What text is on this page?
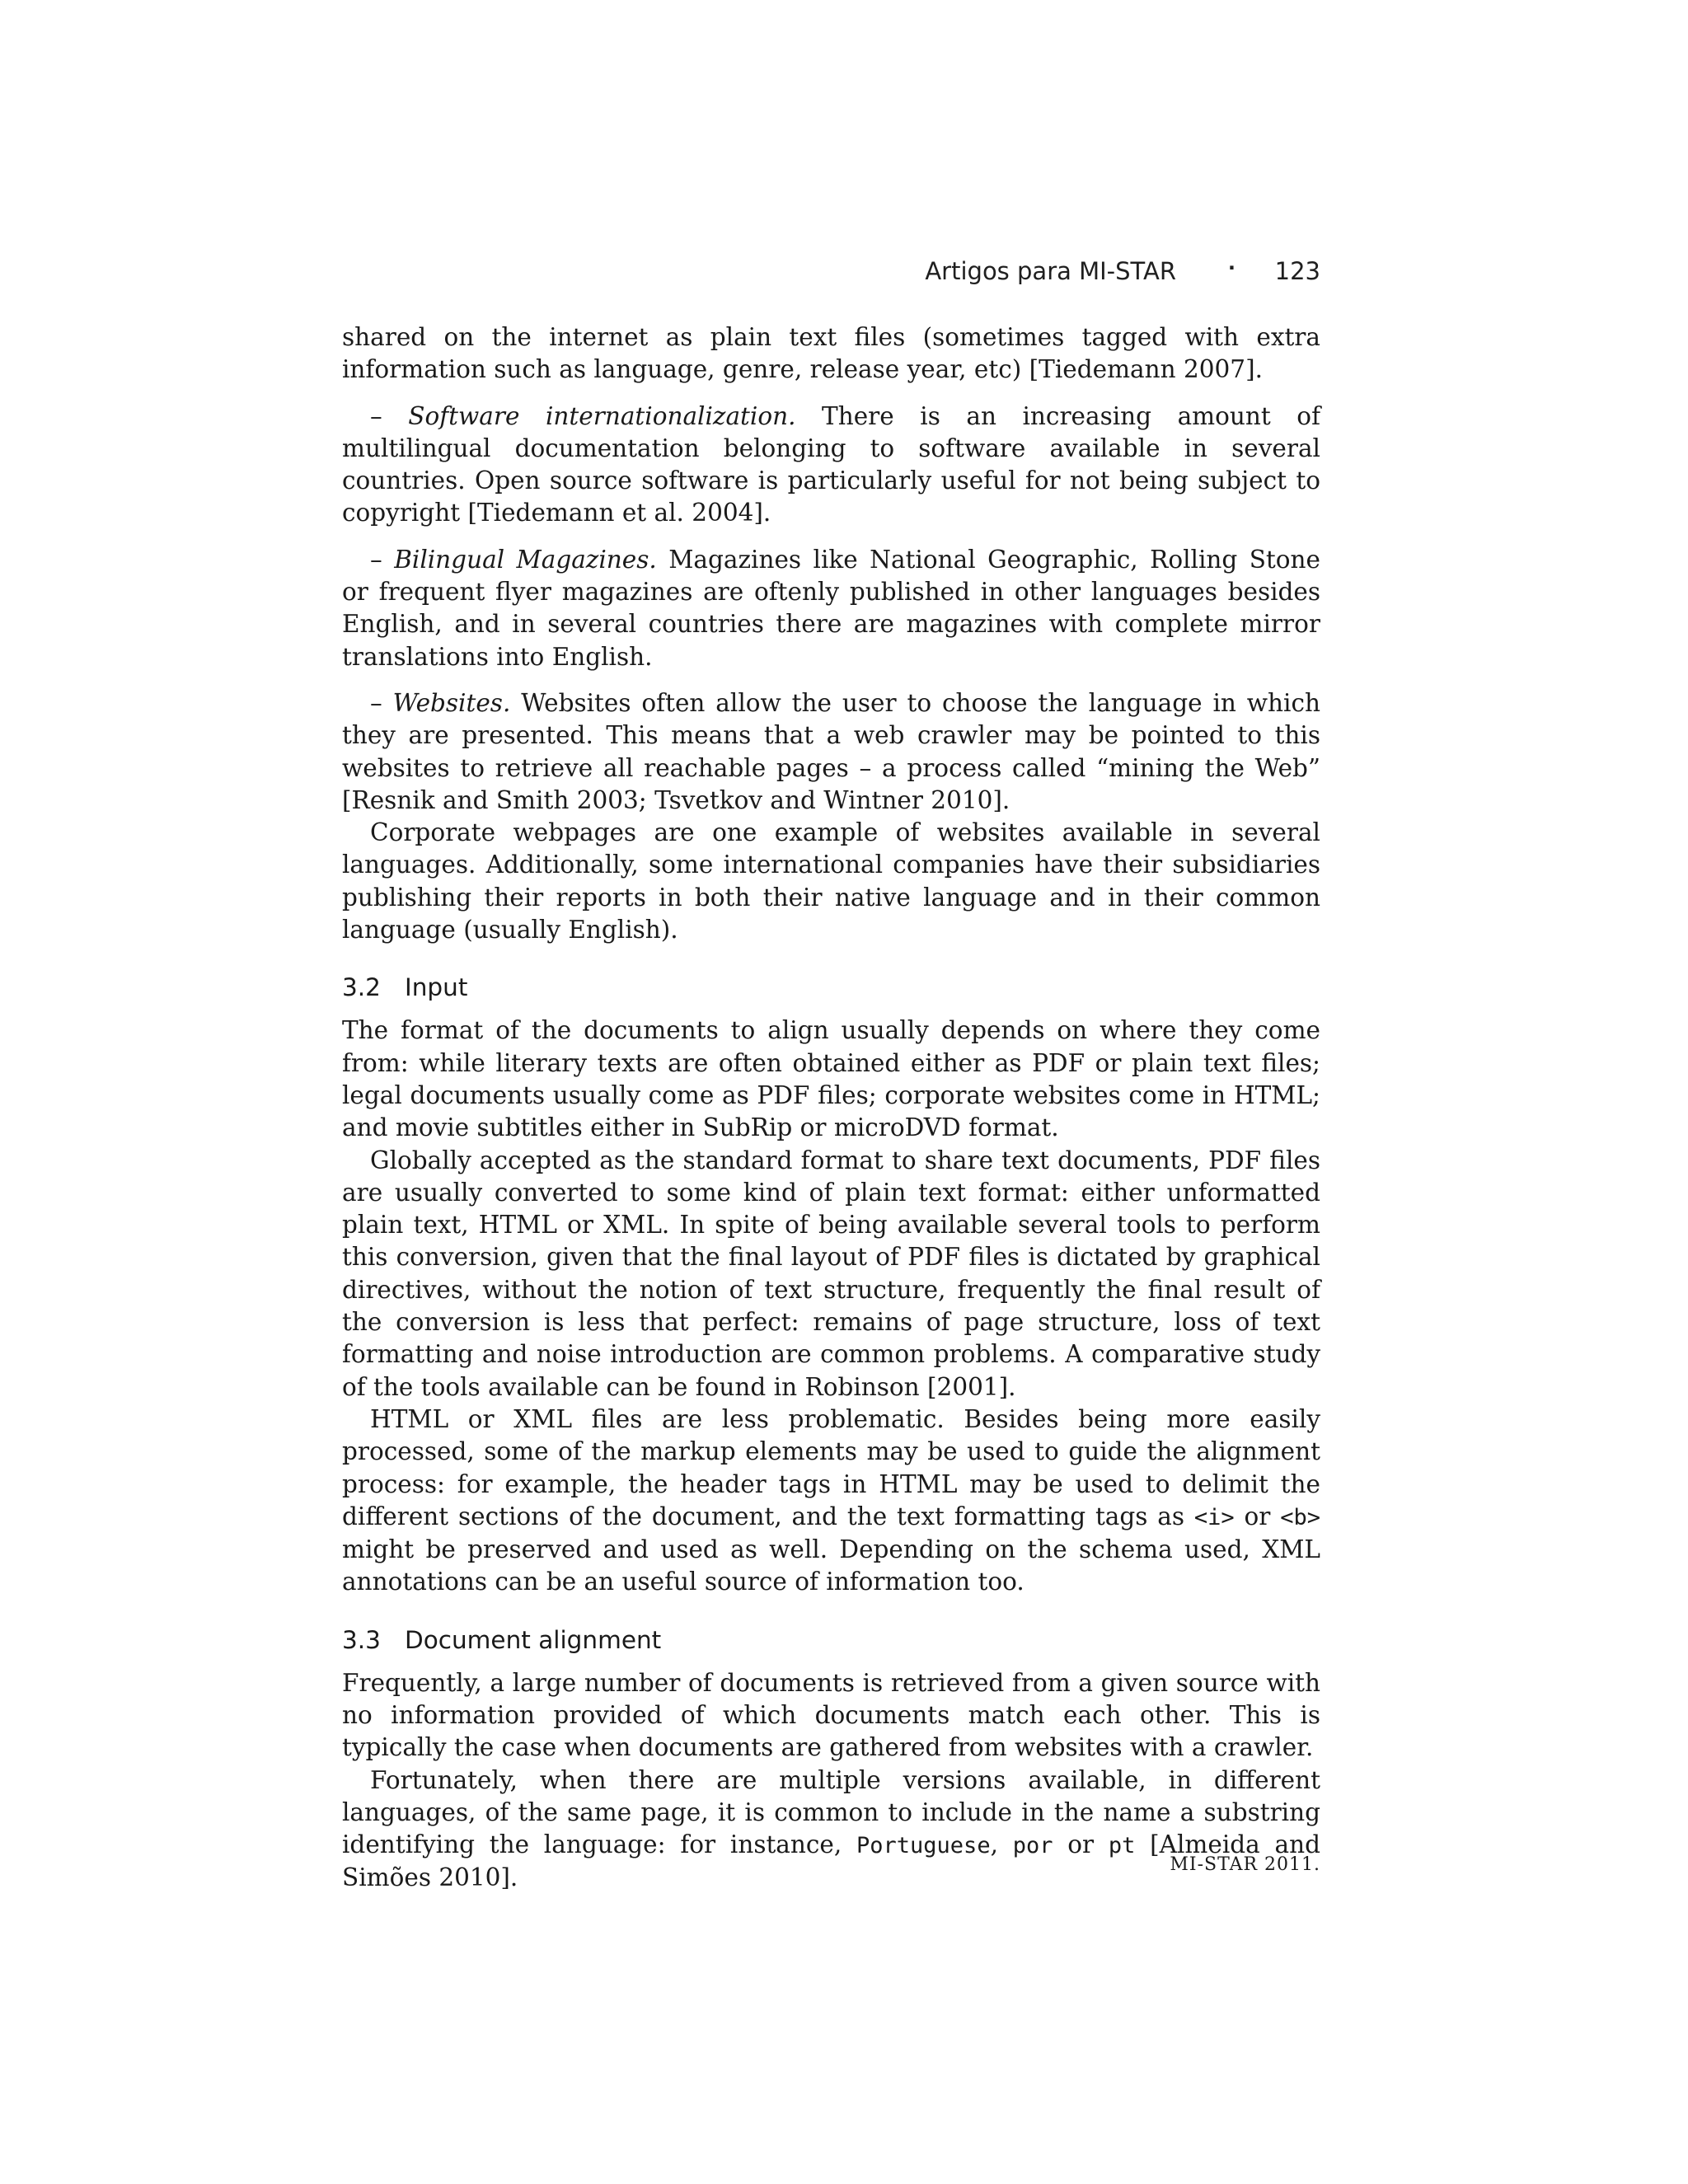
Artigos para MI-STAR	· 123

shared on the internet as plain text files (sometimes tagged with extra information such as language, genre, release year, etc) [Tiedemann 2007].

– Software internationalization. There is an increasing amount of multilingual documentation belonging to software available in several countries. Open source software is particularly useful for not being subject to copyright [Tiedemann et al. 2004].

– Bilingual Magazines. Magazines like National Geographic, Rolling Stone or frequent flyer magazines are oftenly published in other languages besides English, and in several countries there are magazines with complete mirror translations into English.

– Websites. Websites often allow the user to choose the language in which they are presented. This means that a web crawler may be pointed to this websites to retrieve all reachable pages – a process called “mining the Web” [Resnik and Smith 2003; Tsvetkov and Wintner 2010].

Corporate webpages are one example of websites available in several languages. Additionally, some international companies have their subsidiaries publishing their reports in both their native language and in their common language (usually English).

3.2 Input

The format of the documents to align usually depends on where they come from: while literary texts are often obtained either as PDF or plain text files; legal documents usually come as PDF files; corporate websites come in HTML; and movie subtitles either in SubRip or microDVD format.

Globally accepted as the standard format to share text documents, PDF files are usually converted to some kind of plain text format: either unformatted plain text, HTML or XML. In spite of being available several tools to perform this conversion, given that the final layout of PDF files is dictated by graphical directives, without the notion of text structure, frequently the final result of the conversion is less that perfect: remains of page structure, loss of text formatting and noise introduction are common problems. A comparative study of the tools available can be found in Robinson [2001].

HTML or XML files are less problematic. Besides being more easily processed, some of the markup elements may be used to guide the alignment process: for example, the header tags in HTML may be used to delimit the different sections of the document, and the text formatting tags as <i> or <b> might be preserved and used as well. Depending on the schema used, XML annotations can be an useful source of information too.

3.3 Document alignment

Frequently, a large number of documents is retrieved from a given source with no information provided of which documents match each other. This is typically the case when documents are gathered from websites with a crawler.

Fortunately, when there are multiple versions available, in different languages, of the same page, it is common to include in the name a substring identifying the language: for instance, Portuguese, por or pt [Almeida and Simões 2010].	MI-STAR 2011.
